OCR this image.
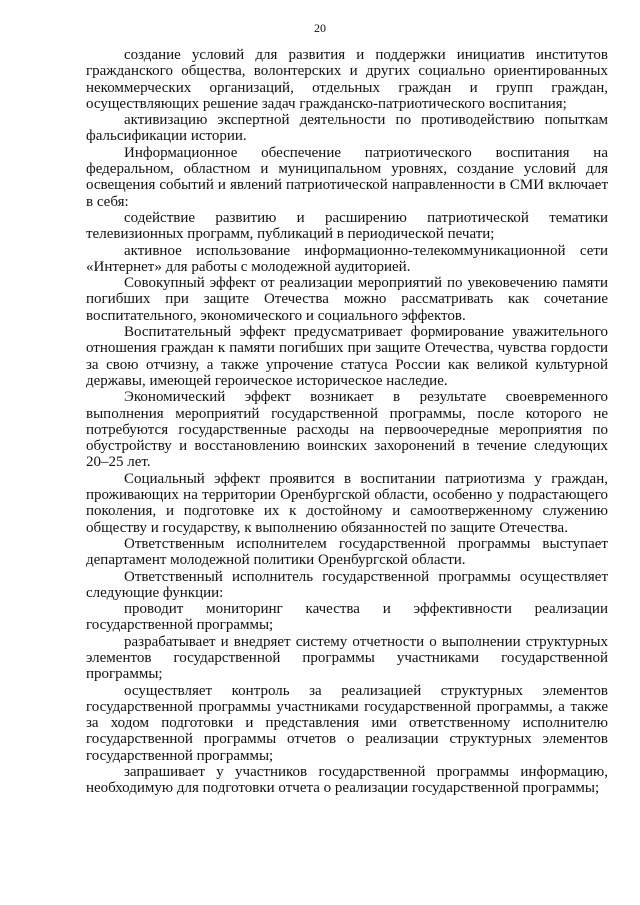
20

создание условий для развития и поддержки инициатив институтов гражданского общества, волонтерских и других социально ориентированных некоммерческих организаций, отдельных граждан и групп граждан, осуществляющих решение задач гражданско-патриотического воспитания;

активизацию экспертной деятельности по противодействию попыткам фальсификации истории.

Информационное обеспечение патриотического воспитания на федеральном, областном и муниципальном уровнях, создание условий для освещения событий и явлений патриотической направленности в СМИ включает в себя:

содействие развитию и расширению патриотической тематики телевизионных программ, публикаций в периодической печати;

активное использование информационно-телекоммуникационной сети «Интернет» для работы с молодежной аудиторией.

Совокупный эффект от реализации мероприятий по увековечению памяти погибших при защите Отечества можно рассматривать как сочетание воспитательного, экономического и социального эффектов.

Воспитательный эффект предусматривает формирование уважительного отношения граждан к памяти погибших при защите Отечества, чувства гордости за свою отчизну, а также упрочение статуса России как великой культурной державы, имеющей героическое историческое наследие.

Экономический эффект возникает в результате своевременного выполнения мероприятий государственной программы, после которого не потребуются государственные расходы на первоочередные мероприятия по обустройству и восстановлению воинских захоронений в течение следующих 20–25 лет.

Социальный эффект проявится в воспитании патриотизма у граждан, проживающих на территории Оренбургской области, особенно у подрастающего поколения, и подготовке их к достойному и самоотверженному служению обществу и государству, к выполнению обязанностей по защите Отечества.

Ответственным исполнителем государственной программы выступает департамент молодежной политики Оренбургской области.

Ответственный исполнитель государственной программы осуществляет следующие функции:

проводит мониторинг качества и эффективности реализации государственной программы;

разрабатывает и внедряет систему отчетности о выполнении структурных элементов государственной программы участниками государственной программы;

осуществляет контроль за реализацией структурных элементов государственной программы участниками государственной программы, а также за ходом подготовки и представления ими ответственному исполнителю государственной программы отчетов о реализации структурных элементов государственной программы;

запрашивает у участников государственной программы информацию, необходимую для подготовки отчета о реализации государственной программы;
